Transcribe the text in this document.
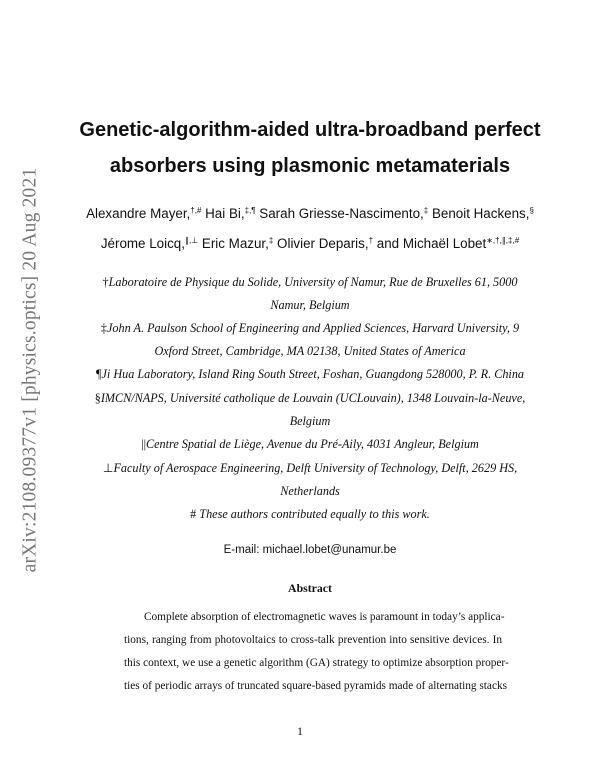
arXiv:2108.09377v1 [physics.optics] 20 Aug 2021
Genetic-algorithm-aided ultra-broadband perfect
absorbers using plasmonic metamaterials
Alexandre Mayer,†,# Hai Bi,‡,¶ Sarah Griesse-Nascimento,‡ Benoit Hackens,§
Jérome Loicq,∥,⊥ Eric Mazur,‡ Olivier Deparis,† and Michaël Lobet∗,†,∥,‡,#
†Laboratoire de Physique du Solide, University of Namur, Rue de Bruxelles 61, 5000
Namur, Belgium
‡John A. Paulson School of Engineering and Applied Sciences, Harvard University, 9
Oxford Street, Cambridge, MA 02138, United States of America
¶Ji Hua Laboratory, Island Ring South Street, Foshan, Guangdong 528000, P. R. China
§IMCN/NAPS, Université catholique de Louvain (UCLouvain), 1348 Louvain-la-Neuve,
Belgium
||Centre Spatial de Liège, Avenue du Pré-Aily, 4031 Angleur, Belgium
⊥Faculty of Aerospace Engineering, Delft University of Technology, Delft, 2629 HS,
Netherlands
# These authors contributed equally to this work.
E-mail: michael.lobet@unamur.be
Abstract
Complete absorption of electromagnetic waves is paramount in today’s applica-
tions, ranging from photovoltaics to cross-talk prevention into sensitive devices. In
this context, we use a genetic algorithm (GA) strategy to optimize absorption proper-
ties of periodic arrays of truncated square-based pyramids made of alternating stacks
1
